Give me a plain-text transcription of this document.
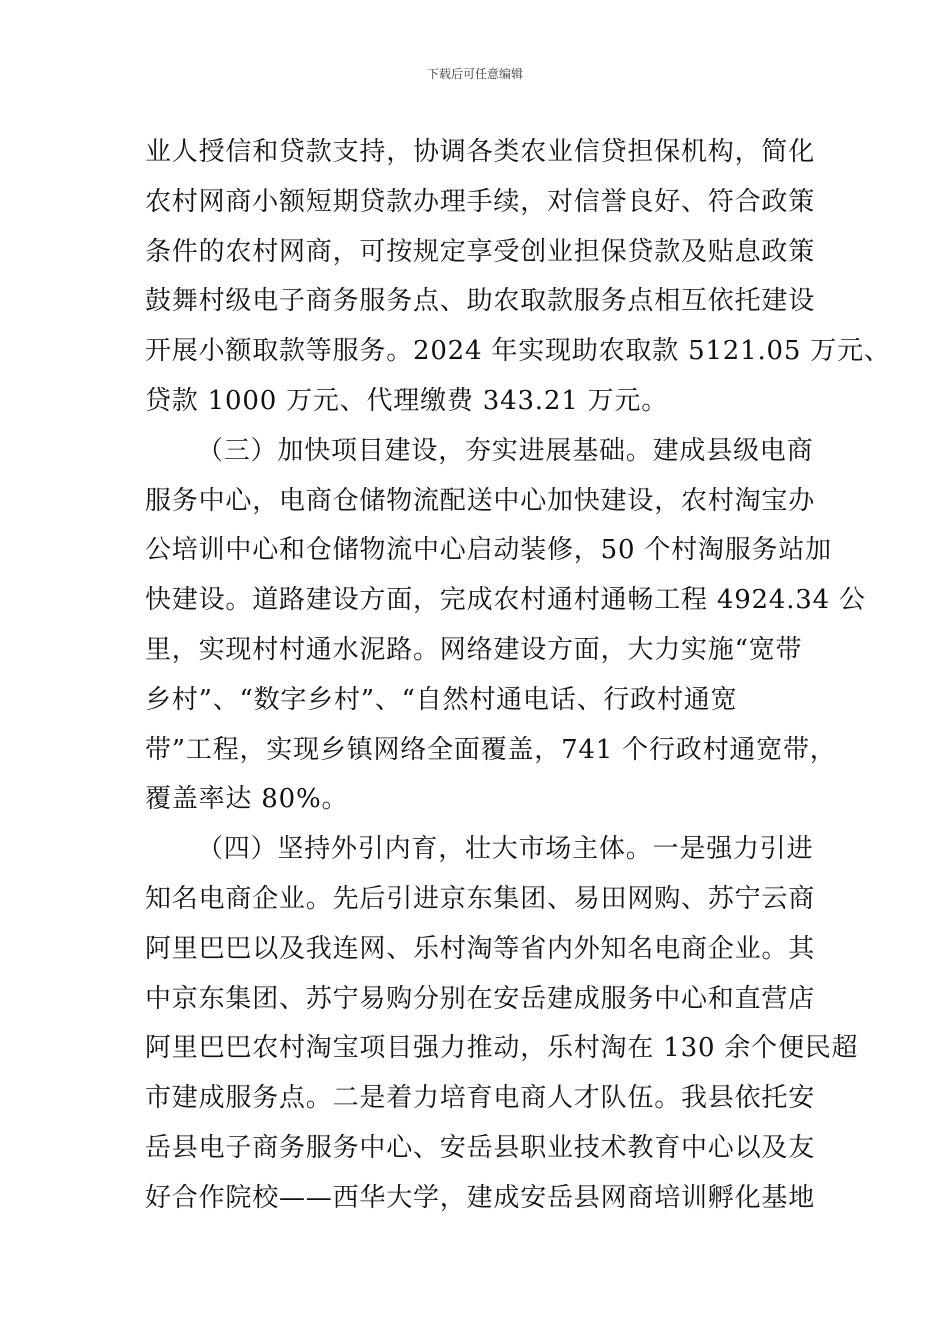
下载后可任意编辑
业人授信和贷款支持，协调各类农业信贷担保机构，简化
农村网商小额短期贷款办理手续，对信誉良好、符合政策
条件的农村网商，可按规定享受创业担保贷款及贴息政策
鼓舞村级电子商务服务点、助农取款服务点相互依托建设
开展小额取款等服务。2024 年实现助农取款 5121.05 万元、
贷款 1000 万元、代理缴费 343.21 万元。
（三）加快项目建设，夯实进展基础。建成县级电商
服务中心，电商仓储物流配送中心加快建设，农村淘宝办
公培训中心和仓储物流中心启动装修，50 个村淘服务站加
快建设。道路建设方面，完成农村通村通畅工程 4924.34 公
里，实现村村通水泥路。网络建设方面，大力实施“宽带
乡村”、“数字乡村”、“自然村通电话、行政村通宽
带”工程，实现乡镇网络全面覆盖，741 个行政村通宽带，
覆盖率达 80%。
（四）坚持外引内育，壮大市场主体。一是强力引进
知名电商企业。先后引进京东集团、易田网购、苏宁云商
阿里巴巴以及我连网、乐村淘等省内外知名电商企业。其
中京东集团、苏宁易购分别在安岳建成服务中心和直营店
阿里巴巴农村淘宝项目强力推动，乐村淘在 130 余个便民超
市建成服务点。二是着力培育电商人才队伍。我县依托安
岳县电子商务服务中心、安岳县职业技术教育中心以及友
好合作院校——西华大学，建成安岳县网商培训孵化基地
